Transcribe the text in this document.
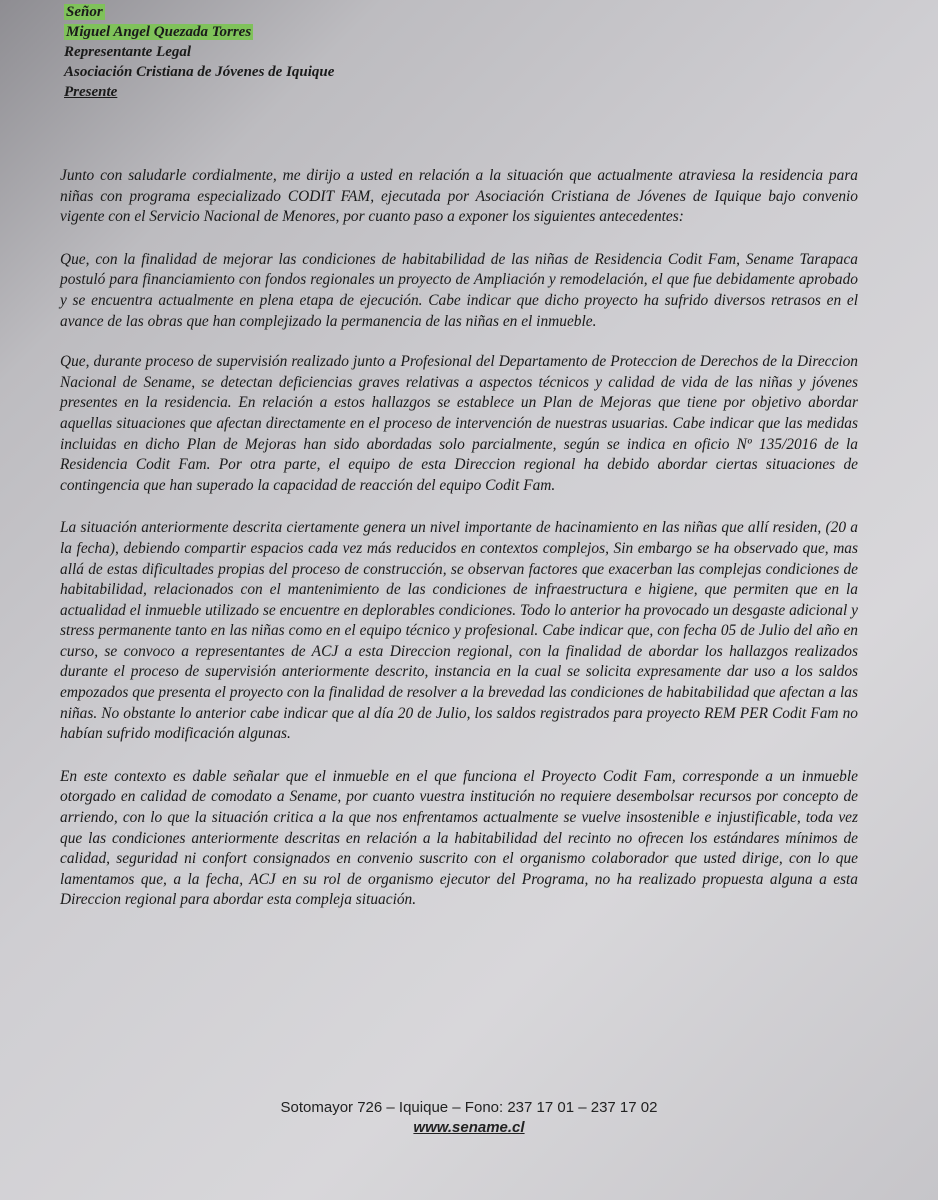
Señor
Miguel Angel Quezada Torres
Representante Legal
Asociación Cristiana de Jóvenes de Iquique
Presente

Junto con saludarle cordialmente, me dirijo a usted en relación a la situación que actualmente atraviesa la residencia para niñas con programa especializado CODIT FAM, ejecutada por Asociación Cristiana de Jóvenes de Iquique bajo convenio vigente con el Servicio Nacional de Menores, por cuanto paso a exponer los siguientes antecedentes:

Que, con la finalidad de mejorar las condiciones de habitabilidad de las niñas de Residencia Codit Fam, Sename Tarapaca postuló para financiamiento con fondos regionales un proyecto de Ampliación y remodelación, el que fue debidamente aprobado y se encuentra actualmente en plena etapa de ejecución. Cabe indicar que dicho proyecto ha sufrido diversos retrasos en el avance de las obras que han complejizado la permanencia de las niñas en el inmueble.

Que, durante proceso de supervisión realizado junto a Profesional del Departamento de Proteccion de Derechos de la Direccion Nacional de Sename, se detectan deficiencias graves relativas a aspectos técnicos y calidad de vida de las niñas y jóvenes presentes en la residencia. En relación a estos hallazgos se establece un Plan de Mejoras que tiene por objetivo abordar aquellas situaciones que afectan directamente en el proceso de intervención de nuestras usuarias. Cabe indicar que las medidas incluidas en dicho Plan de Mejoras han sido abordadas solo parcialmente, según se indica en oficio Nº 135/2016 de la Residencia Codit Fam. Por otra parte, el equipo de esta Direccion regional ha debido abordar ciertas situaciones de contingencia que han superado la capacidad de reacción del equipo Codit Fam.

La situación anteriormente descrita ciertamente genera un nivel importante de hacinamiento en las niñas que allí residen, (20 a la fecha), debiendo compartir espacios cada vez más reducidos en contextos complejos, Sin embargo se ha observado que, mas allá de estas dificultades propias del proceso de construcción, se observan factores que exacerban las complejas condiciones de habitabilidad, relacionados con el mantenimiento de las condiciones de infraestructura e higiene, que permiten que en la actualidad el inmueble utilizado se encuentre en deplorables condiciones. Todo lo anterior ha provocado un desgaste adicional y stress permanente tanto en las niñas como en el equipo técnico y profesional. Cabe indicar que, con fecha 05 de Julio del año en curso, se convoco a representantes de ACJ a esta Direccion regional, con la finalidad de abordar los hallazgos realizados durante el proceso de supervisión anteriormente descrito, instancia en la cual se solicita expresamente dar uso a los saldos empozados que presenta el proyecto con la finalidad de resolver a la brevedad las condiciones de habitabilidad que afectan a las niñas. No obstante lo anterior cabe indicar que al día 20 de Julio, los saldos registrados para proyecto REM PER Codit Fam no habían sufrido modificación algunas.

En este contexto es dable señalar que el inmueble en el que funciona el Proyecto Codit Fam, corresponde a un inmueble otorgado en calidad de comodato a Sename, por cuanto vuestra institución no requiere desembolsar recursos por concepto de arriendo, con lo que la situación critica a la que nos enfrentamos actualmente se vuelve insostenible e injustificable, toda vez que las condiciones anteriormente descritas en relación a la habitabilidad del recinto no ofrecen los estándares mínimos de calidad, seguridad ni confort consignados en convenio suscrito con el organismo colaborador que usted dirige, con lo que lamentamos que, a la fecha, ACJ en su rol de organismo ejecutor del Programa, no ha realizado propuesta alguna a esta Direccion regional para abordar esta compleja situación.

Sotomayor 726 – Iquique – Fono: 237 17 01 – 237 17 02
www.sename.cl
